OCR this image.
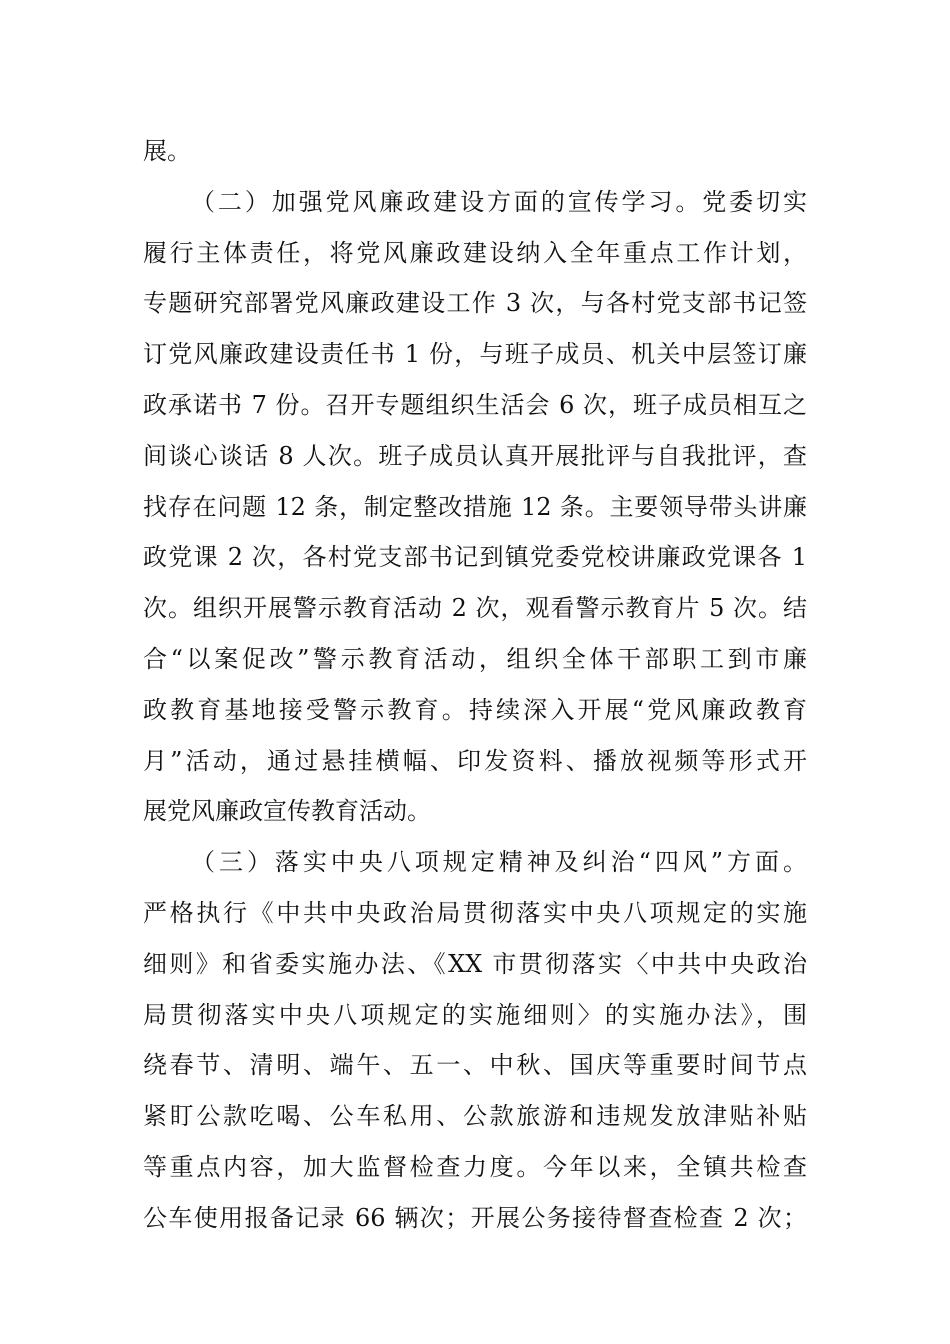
展。
（二）加强党风廉政建设方面的宣传学习。党委切实
履行主体责任，将党风廉政建设纳入全年重点工作计划，
专题研究部署党风廉政建设工作 3 次，与各村党支部书记签
订党风廉政建设责任书 1 份，与班子成员、机关中层签订廉
政承诺书 7 份。召开专题组织生活会 6 次，班子成员相互之
间谈心谈话 8 人次。班子成员认真开展批评与自我批评，查
找存在问题 12 条，制定整改措施 12 条。主要领导带头讲廉
政党课 2 次，各村党支部书记到镇党委党校讲廉政党课各 1
次。组织开展警示教育活动 2 次，观看警示教育片 5 次。结
合“以案促改”警示教育活动，组织全体干部职工到市廉
政教育基地接受警示教育。持续深入开展“党风廉政教育
月”活动，通过悬挂横幅、印发资料、播放视频等形式开
展党风廉政宣传教育活动。
（三）落实中央八项规定精神及纠治“四风”方面。
严格执行《中共中央政治局贯彻落实中央八项规定的实施
细则》和省委实施办法、《XX 市贯彻落实〈中共中央政治
局贯彻落实中央八项规定的实施细则〉的实施办法》，围
绕春节、清明、端午、五一、中秋、国庆等重要时间节点
紧盯公款吃喝、公车私用、公款旅游和违规发放津贴补贴
等重点内容，加大监督检查力度。今年以来，全镇共检查
公车使用报备记录 66 辆次；开展公务接待督查检查 2 次；
